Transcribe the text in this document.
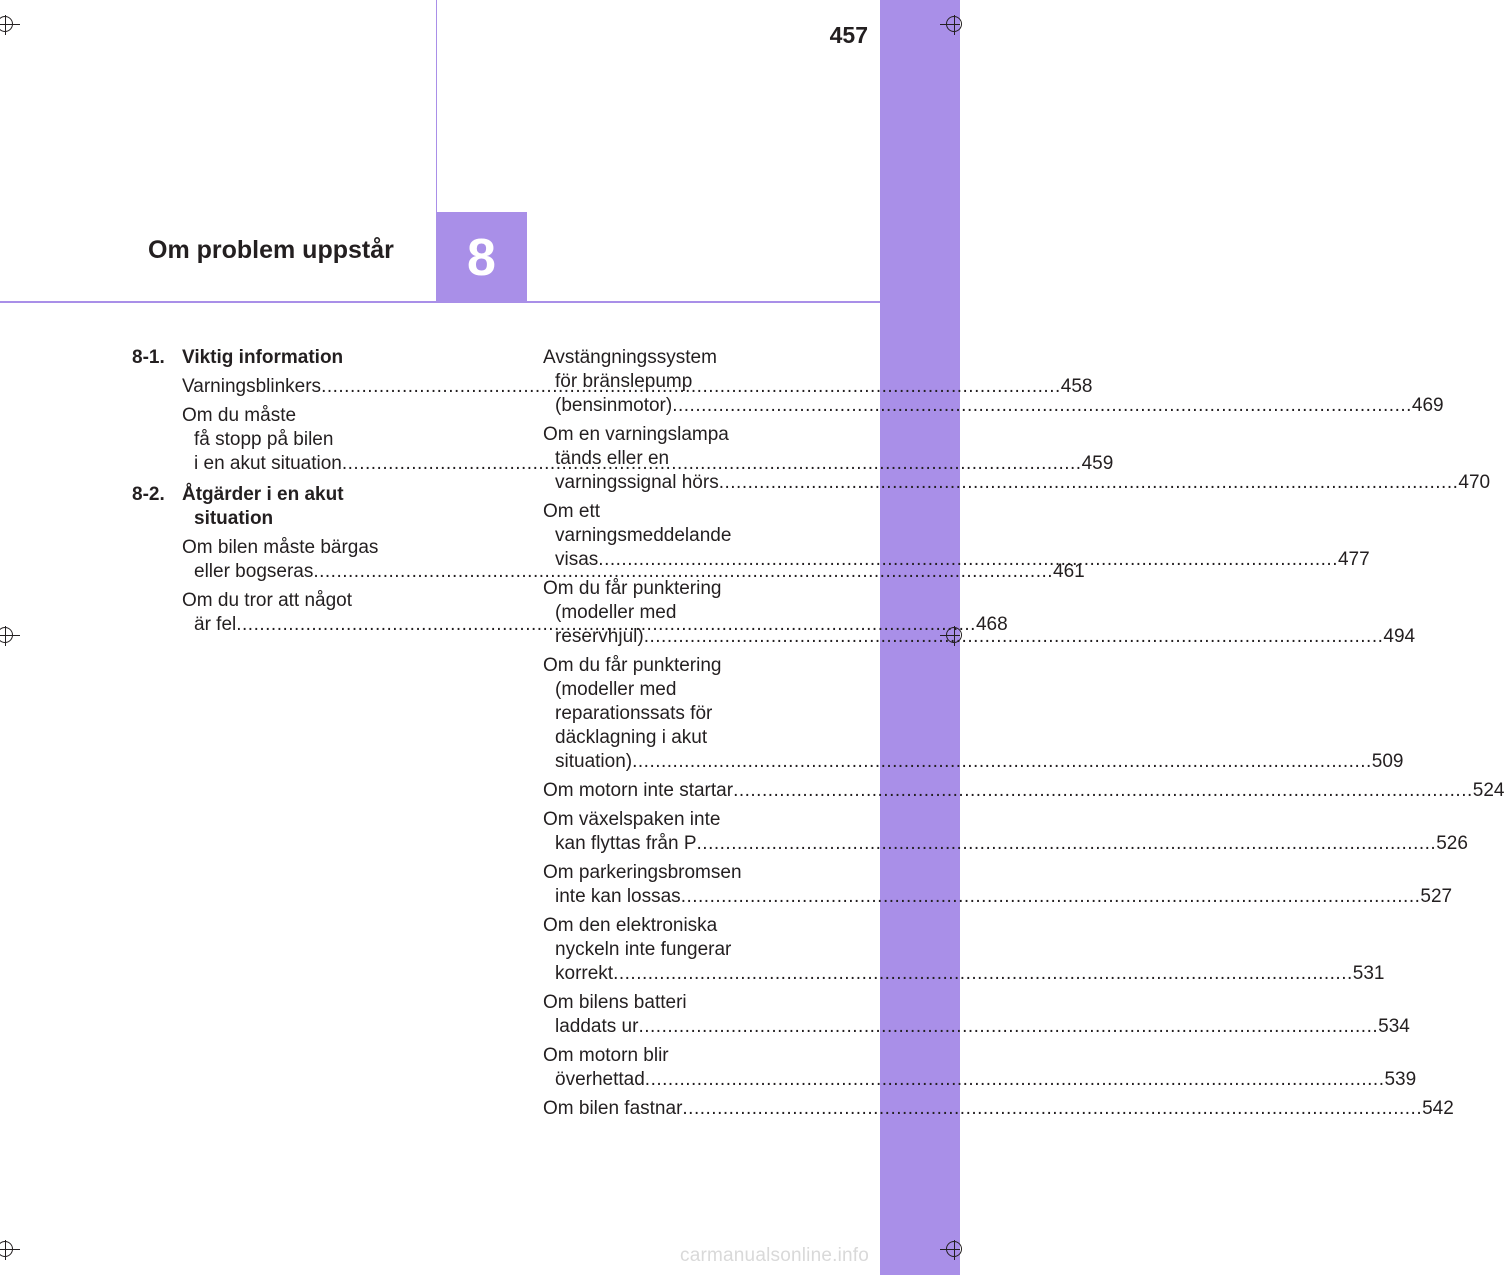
457
Om problem uppstår	8
8-1. Viktig information
Varningsblinkers .....	458
Om du måste
få stopp på bilen
i en akut situation .....	459
8-2. Åtgärder i en akut
situation
Om bilen måste bärgas
eller bogseras .....	461
Om du tror att något
är fel .....	468
Avstängningssystem
för bränslepump
(bensinmotor) .....	469
Om en varningslampa
tänds eller en
varningssignal hörs .....	470
Om ett
varningsmeddelande
visas .....	477
Om du får punktering
(modeller med
reservhjul) .....	494
Om du får punktering
(modeller med
reparationssats för
däcklagning i akut
situation) .....	509
Om motorn inte startar .....	524
Om växelspaken inte
kan flyttas från P .....	526
Om parkeringsbromsen
inte kan lossas .....	527
Om den elektroniska
nyckeln inte fungerar
korrekt .....	531
Om bilens batteri
laddats ur .....	534
Om motorn blir
överhettad .....	539
Om bilen fastnar .....	542
carmanualsonline.info
